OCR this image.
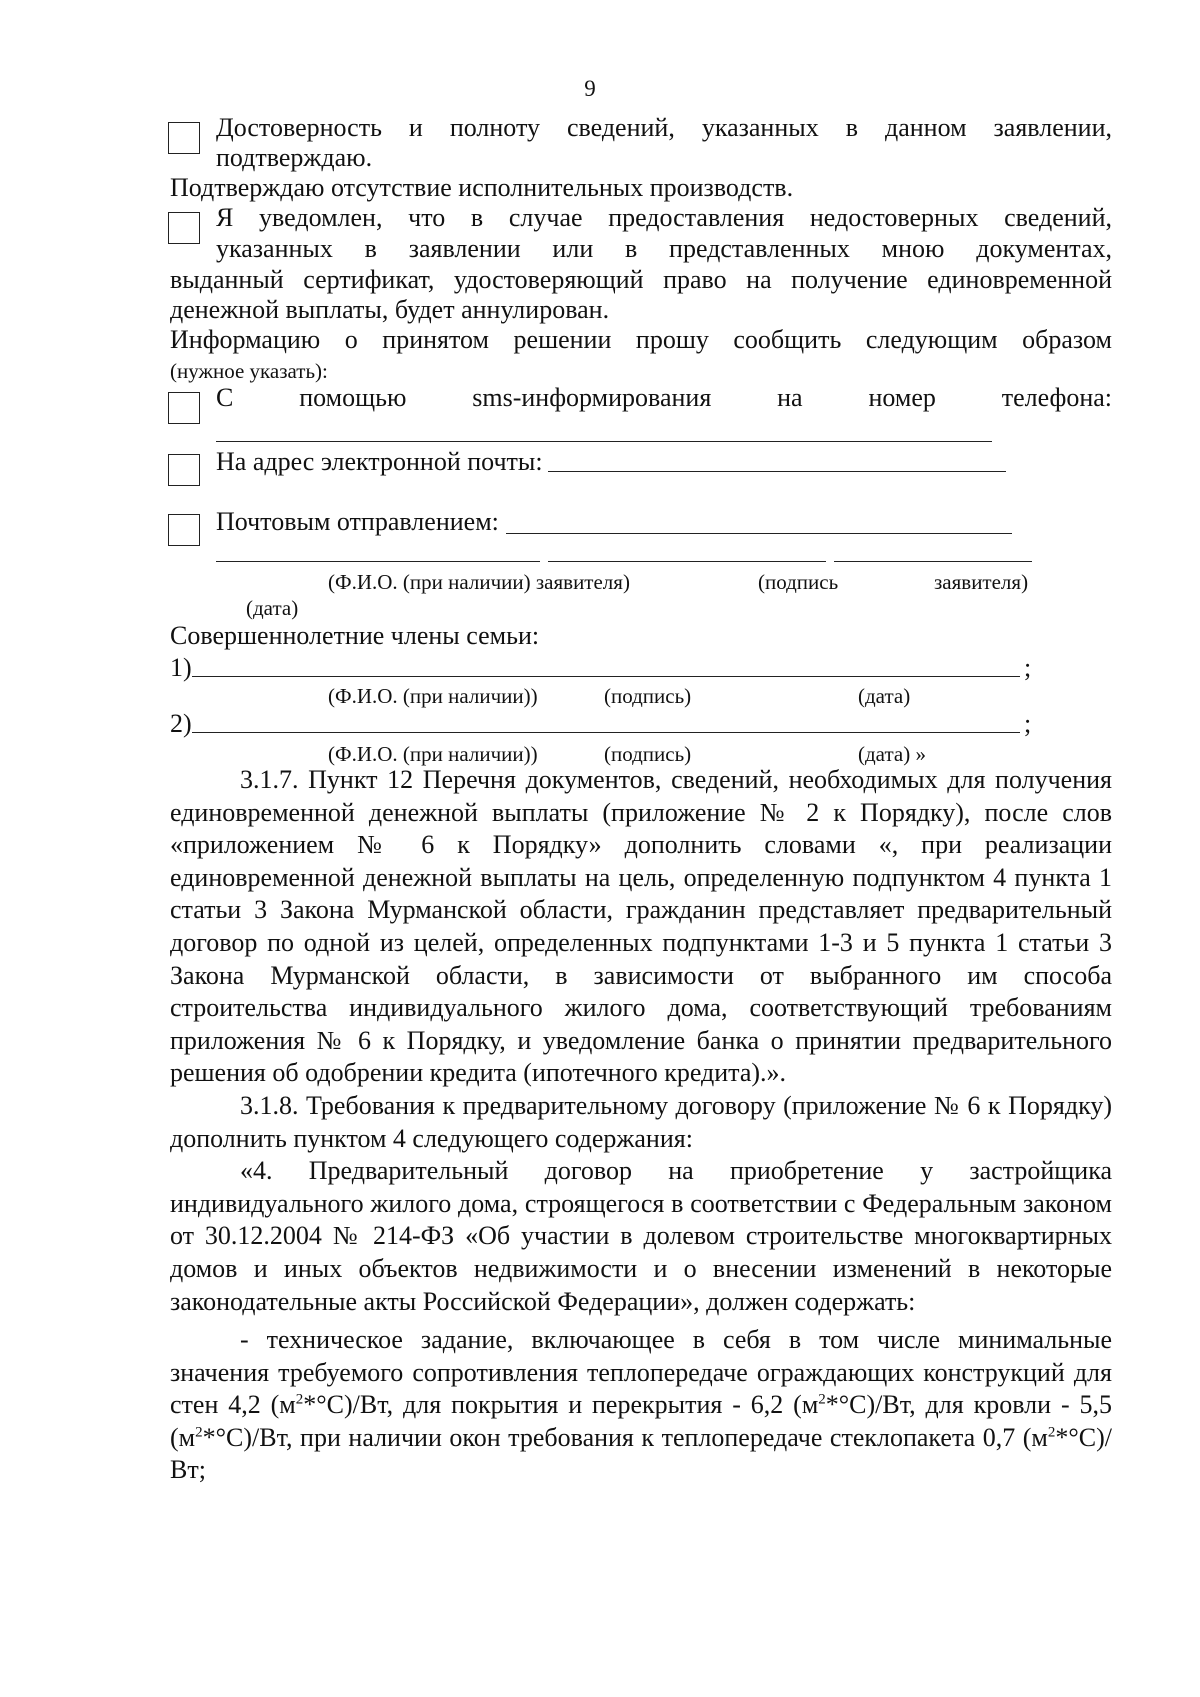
9
Достоверность и полноту сведений, указанных в данном заявлении,
подтверждаю.
Подтверждаю отсутствие исполнительных производств.
Я уведомлен, что в случае предоставления недостоверных сведений,
указанных в заявлении или в представленных мною документах,
выданный сертификат, удостоверяющий право на получение единовременной
денежной выплаты, будет аннулирован.
Информацию о принятом решении прошу сообщить следующим образом
(нужное указать):
С помощью sms-информирования на номер телефона:
На адрес электронной почты:
Почтовым отправлением:
(Ф.И.О. (при наличии) заявителя)	(подпись	заявителя)
(дата)
Совершеннолетние члены семьи:
1)	;
(Ф.И.О. (при наличии))	(подпись)	(дата)
2)	;
(Ф.И.О. (при наличии))	(подпись)	(дата) »

3.1.7. Пункт 12 Перечня документов, сведений, необходимых для получения единовременной денежной выплаты (приложение № 2 к Порядку), после слов «приложением № 6 к Порядку» дополнить словами «, при реализации единовременной денежной выплаты на цель, определенную подпунктом 4 пункта 1 статьи 3 Закона Мурманской области, гражданин представляет предварительный договор по одной из целей, определенных подпунктами 1-3 и 5 пункта 1 статьи 3 Закона Мурманской области, в зависимости от выбранного им способа строительства индивидуального жилого дома, соответствующий требованиям приложения № 6 к Порядку, и уведомление банка о принятии предварительного решения об одобрении кредита (ипотечного кредита).».

3.1.8. Требования к предварительному договору (приложение № 6 к Порядку) дополнить пунктом 4 следующего содержания:

«4. Предварительный договор на приобретение у застройщика индивидуального жилого дома, строящегося в соответствии с Федеральным законом от 30.12.2004 № 214-ФЗ «Об участии в долевом строительстве многоквартирных домов и иных объектов недвижимости и о внесении изменений в некоторые законодательные акты Российской Федерации», должен содержать:

- техническое задание, включающее в себя в том числе минимальные значения требуемого сопротивления теплопередаче ограждающих конструкций для стен 4,2 $(м^2*^\circ С)/Вт$, для покрытия и перекрытия - 6,2 $(м^2*^\circ С)/Вт$, для кровли - 5,5 $(м^2*^\circ С)/Вт$, при наличии окон требования к теплопередаче стеклопакета 0,7 $(м^2*^\circ С)/Вт$;
